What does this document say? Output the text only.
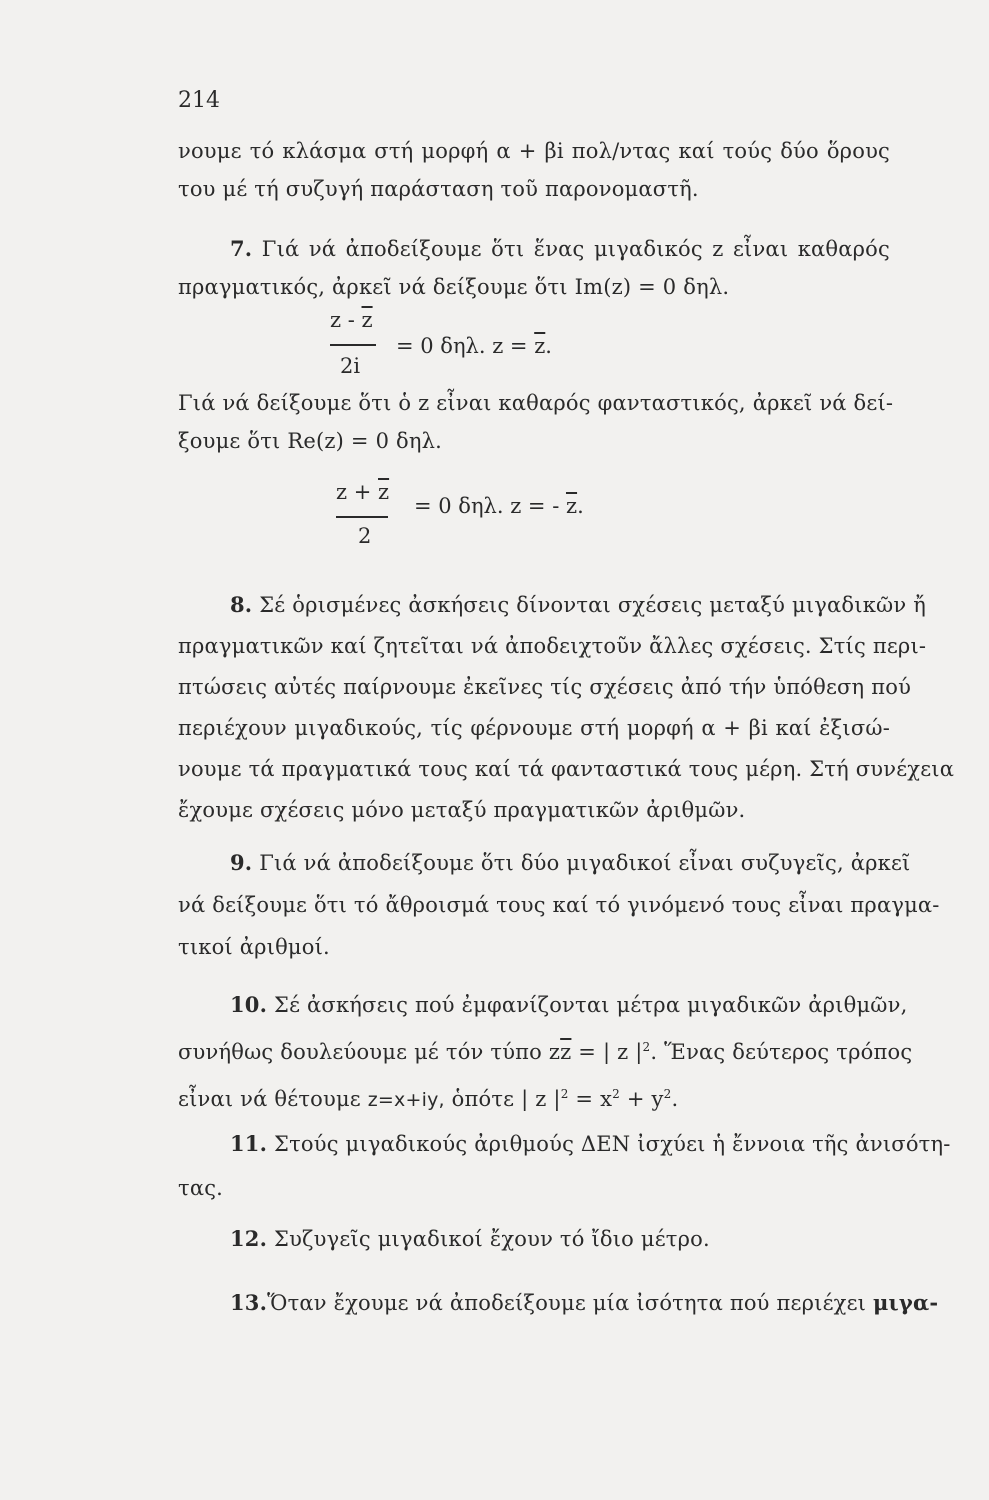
214
νουμε τό κλάσμα στή μορφή α + βi πολ/ντας καί τούς δύο ὅρους
του μέ τή συζυγή παράσταση τοῦ παρονομαστῆ.
7. Γιά νά ἀποδείξουμε ὅτι ἕνας μιγαδικός z εἶναι καθαρός
πραγματικός, ἀρκεῖ νά δείξουμε ὅτι Im(z) = 0 δηλ.
z - $\overline{z}$
2i
= 0 δηλ. $z = \overline{z}$.
Γιά νά δείξουμε ὅτι ὁ z εἶναι καθαρός φανταστικός, ἀρκεῖ νά δεί-
ξουμε ὅτι Re(z) = 0 δηλ.
$z + \overline{z}$
2
= 0 δηλ. z = - $\overline{z}$.
8. Σέ ὁρισμένες ἀσκήσεις δίνονται σχέσεις μεταξύ μιγαδικῶν ἤ
πραγματικῶν καί ζητεῖται νά ἀποδειχτοῦν ἄλλες σχέσεις. Στίς περι-
πτώσεις αὐτές παίρνουμε ἐκεῖνες τίς σχέσεις ἀπό τήν ὑπόθεση πού
περιέχουν μιγαδικούς, τίς φέρνουμε στή μορφή α + βi καί ἐξισώ-
νουμε τά πραγματικά τους καί τά φανταστικά τους μέρη. Στή συνέχεια
ἔχουμε σχέσεις μόνο μεταξύ πραγματικῶν ἀριθμῶν.
9. Γιά νά ἀποδείξουμε ὅτι δύο μιγαδικοί εἶναι συζυγεῖς, ἀρκεῖ
νά δείξουμε ὅτι τό ἄθροισμά τους καί τό γινόμενό τους εἶναι πραγμα-
τικοί ἀριθμοί.
10. Σέ ἀσκήσεις πού ἐμφανίζονται μέτρα μιγαδικῶν ἀριθμῶν,
συνήθως δουλεύουμε μέ τόν τύπο $z\overline{z}$ = | z $|^2$. Ἕνας δεύτερος τρόπος
εἶναι νά θέτουμε z=x+iy, ὁπότε | z $|^2 = x^2 + y^2$.
11. Στούς μιγαδικούς ἀριθμούς ΔΕΝ ἰσχύει ἡ ἔννοια τῆς ἀνισότη-
τας.
12. Συζυγεῖς μιγαδικοί ἔχουν τό ἴδιο μέτρο.
13.Ὅταν ἔχουμε νά ἀποδείξουμε μία ἰσότητα πού περιέχει μιγα-
